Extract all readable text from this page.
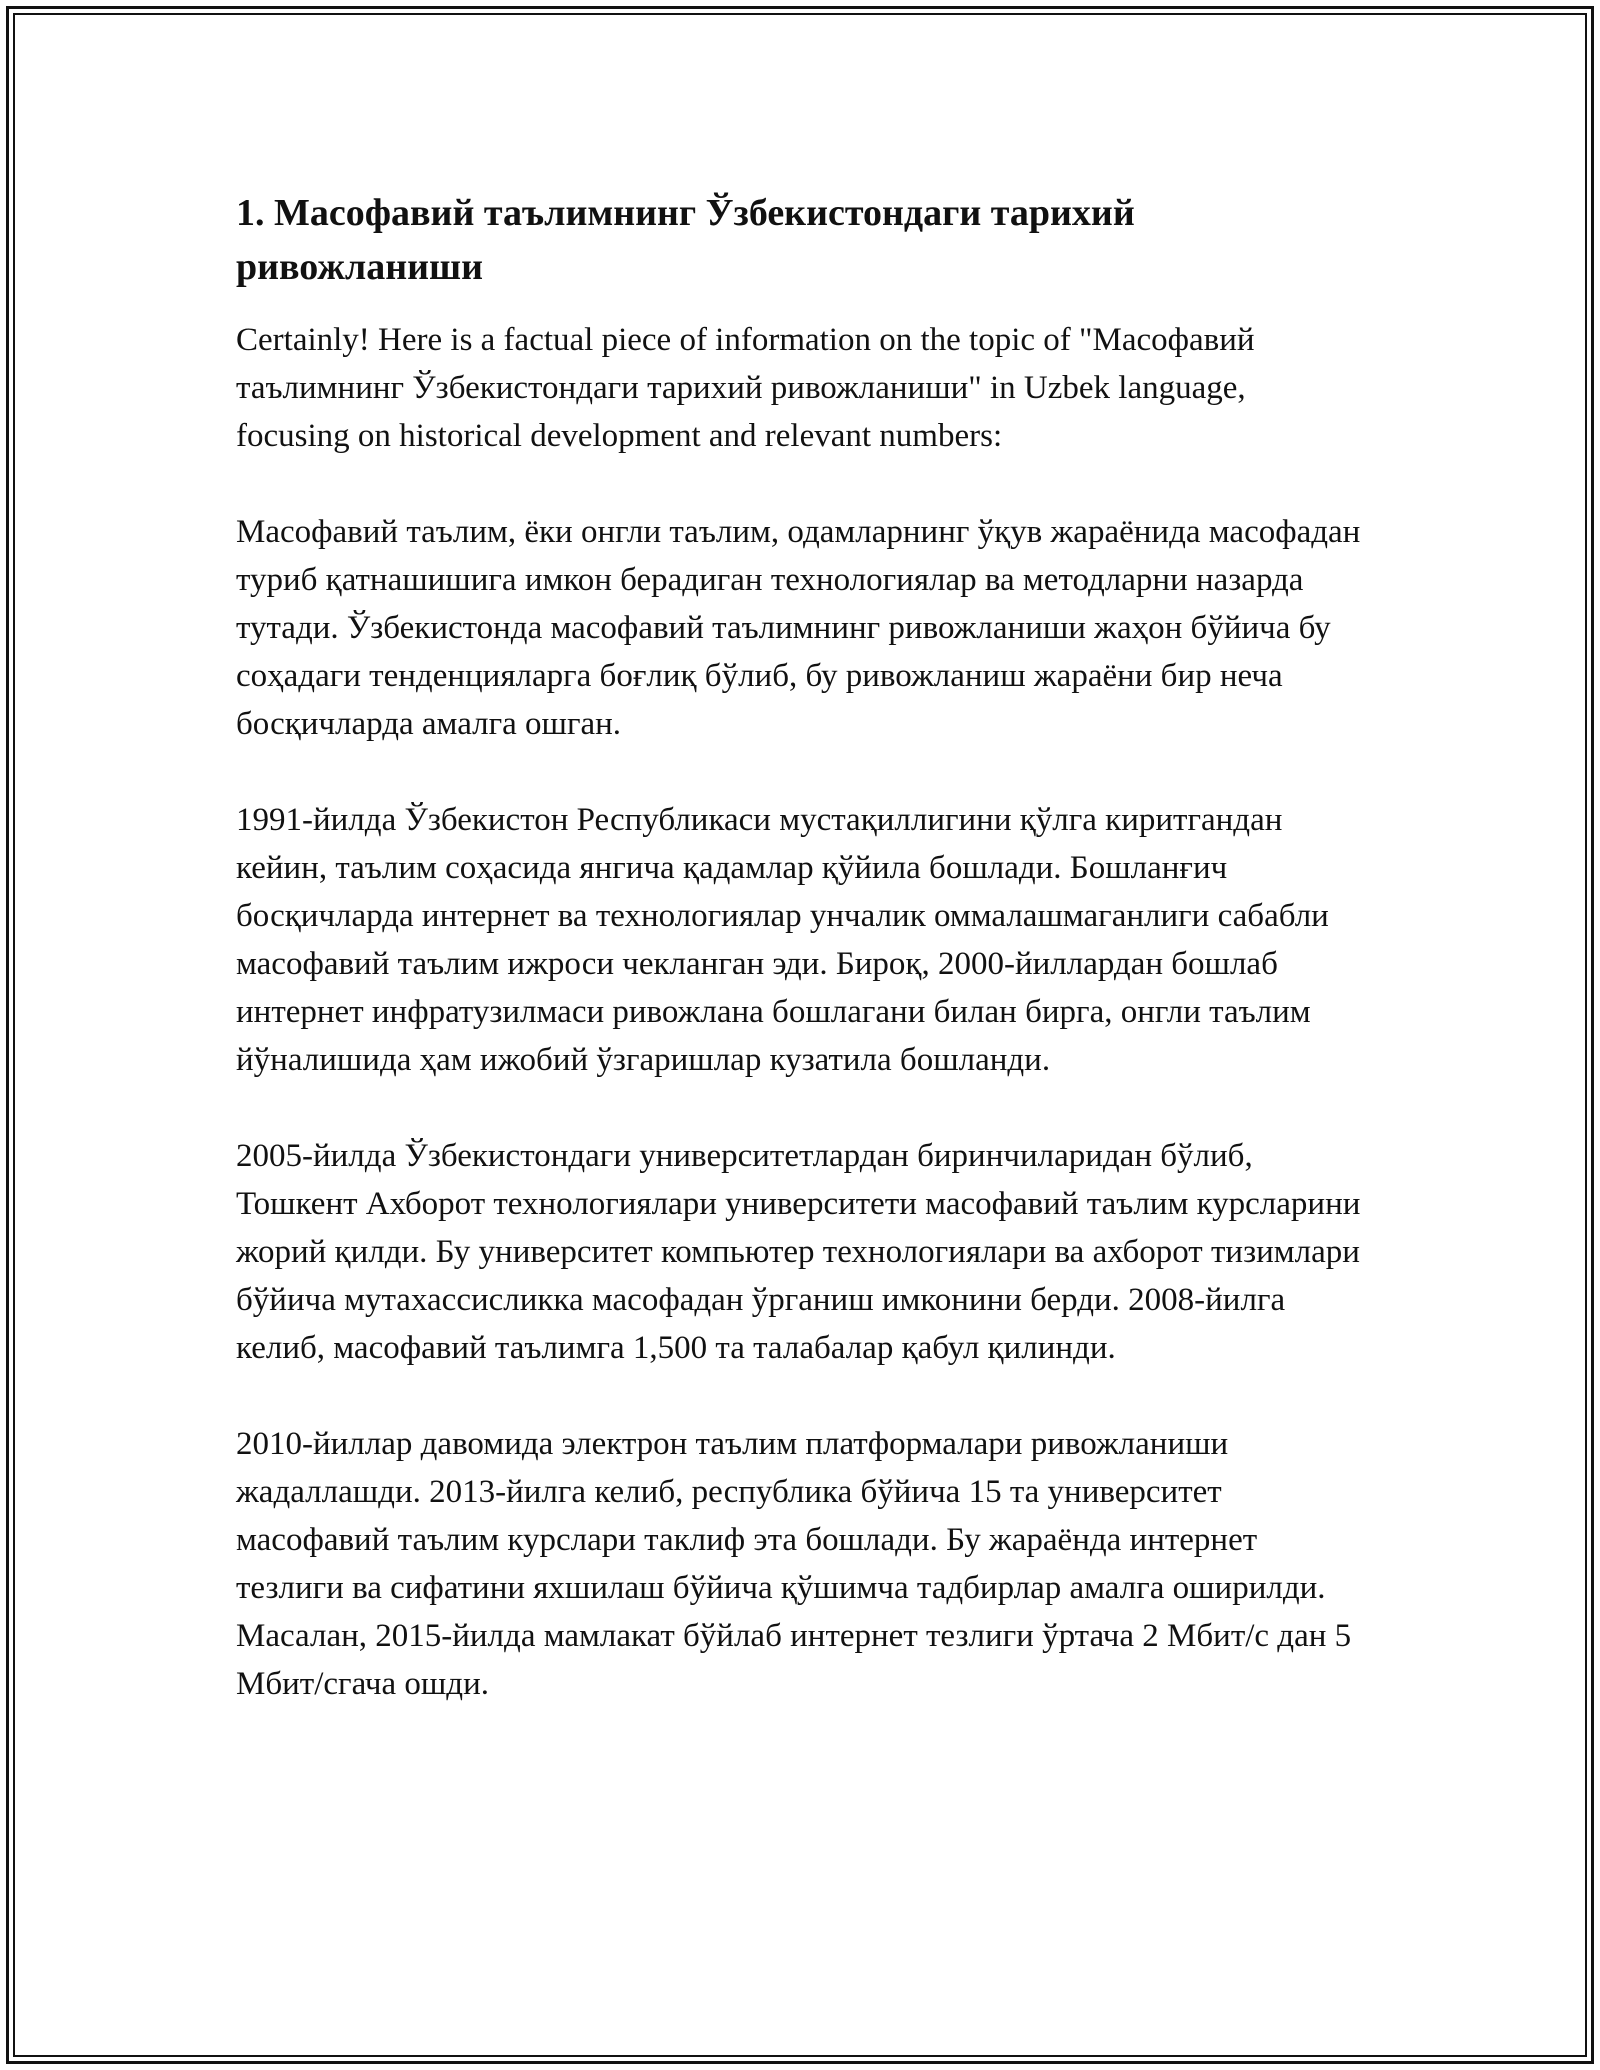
1. Масофавий таълимнинг Ўзбекистондаги тарихий ривожланиши

Certainly! Here is a factual piece of information on the topic of "Масофавий таълимнинг Ўзбекистондаги тарихий ривожланиши" in Uzbek language, focusing on historical development and relevant numbers:

Масофавий таълим, ёки онгли таълим, одамларнинг ўқув жараёнида масофадан туриб қатнашишига имкон берадиган технологиялар ва методларни назарда тутади. Ўзбекистонда масофавий таълимнинг ривожланиши жаҳон бўйича бу соҳадаги тенденцияларга боғлиқ бўлиб, бу ривожланиш жараёни бир неча босқичларда амалга ошган.

1991-йилда Ўзбекистон Республикаси мустақиллигини қўлга киритгандан кейин, таълим соҳасида янгича қадамлар қўйила бошлади. Бошланғич босқичларда интернет ва технологиялар унчалик оммалашмаганлиги сабабли масофавий таълим ижроси чекланган эди. Бироқ, 2000-йиллардан бошлаб интернет инфратузилмаси ривожлана бошлагани билан бирга, онгли таълим йўналишида ҳам ижобий ўзгаришлар кузатила бошланди.

2005-йилда Ўзбекистондаги университетлардан биринчиларидан бўлиб, Тошкент Ахборот технологиялари университети масофавий таълим курсларини жорий қилди. Бу университет компьютер технологиялари ва ахборот тизимлари бўйича мутахассисликка масофадан ўрганиш имконини берди. 2008-йилга келиб, масофавий таълимга 1,500 та талабалар қабул қилинди.

2010-йиллар давомида электрон таълим платформалари ривожланиши жадаллашди. 2013-йилга келиб, республика бўйича 15 та университет масофавий таълим курслари таклиф эта бошлади. Бу жараёнда интернет тезлиги ва сифатини яхшилаш бўйича қўшимча тадбирлар амалга оширилди. Масалан, 2015-йилда мамлакат бўйлаб интернет тезлиги ўртача 2 Мбит/с дан 5 Мбит/сгача ошди.
